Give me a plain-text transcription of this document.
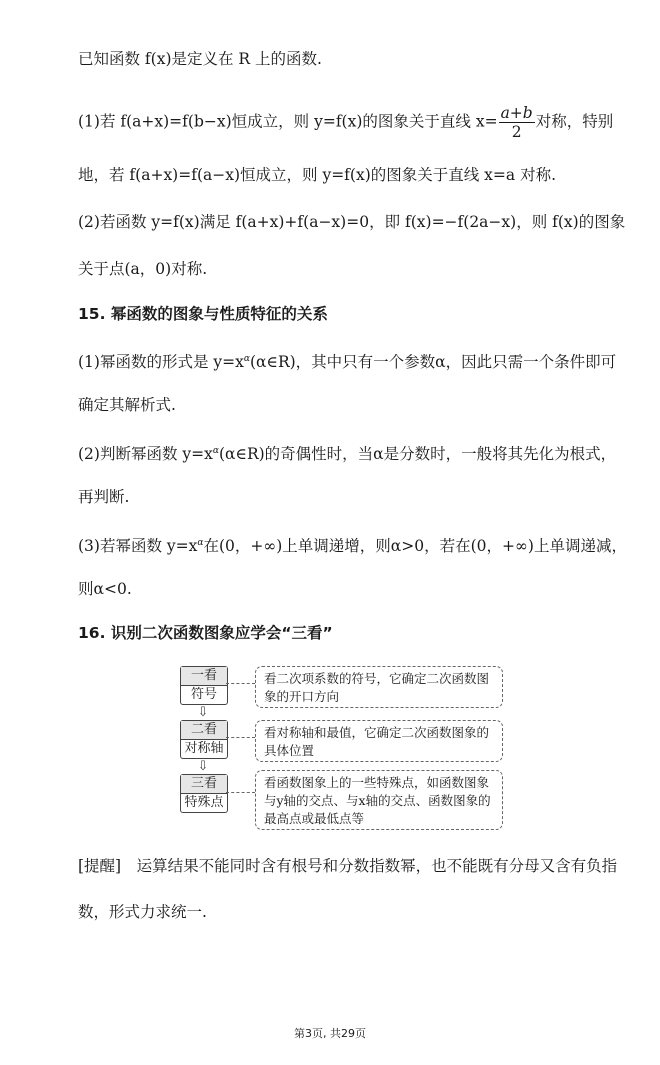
已知函数 f(x)是定义在 R 上的函数.
(1)若 f(a+x)=f(b−x)恒成立，则 y=f(x)的图象关于直线 $x= \frac{a+b}{2}$ 对称，特别
地，若 f(a+x)=f(a−x)恒成立，则 y=f(x)的图象关于直线 x=a 对称.
(2)若函数 y=f(x)满足 f(a+x)+f(a−x)=0，即 f(x)=−f(2a−x)，则 f(x)的图象
关于点(a，0)对称.
15. 幂函数的图象与性质特征的关系
(1)幂函数的形式是 $y=x^\alpha(\alpha\in R)$，其中只有一个参数α，因此只需一个条件即可
确定其解析式.
(2)判断幂函数 $y=x^\alpha(\alpha\in R)$的奇偶性时，当α是分数时，一般将其先化为根式，
再判断.
(3)若幂函数 $y=x^\alpha$在(0，+∞)上单调递增，则α>0，若在(0，+∞)上单调递减，
则α<0.
16. 识别二次函数图象应学会“三看”
一看
符号
看二次项系数的符号，它确定二次函数图象的开口方向
⇩
二看
对称轴
看对称轴和最值，它确定二次函数图象的具体位置
⇩
三看
特殊点
看函数图象上的一些特殊点，如函数图象与y轴的交点、与x轴的交点、函数图象的最高点或最低点等
[提醒]　运算结果不能同时含有根号和分数指数幂，也不能既有分母又含有负指
数，形式力求统一.
第3页, 共29页
